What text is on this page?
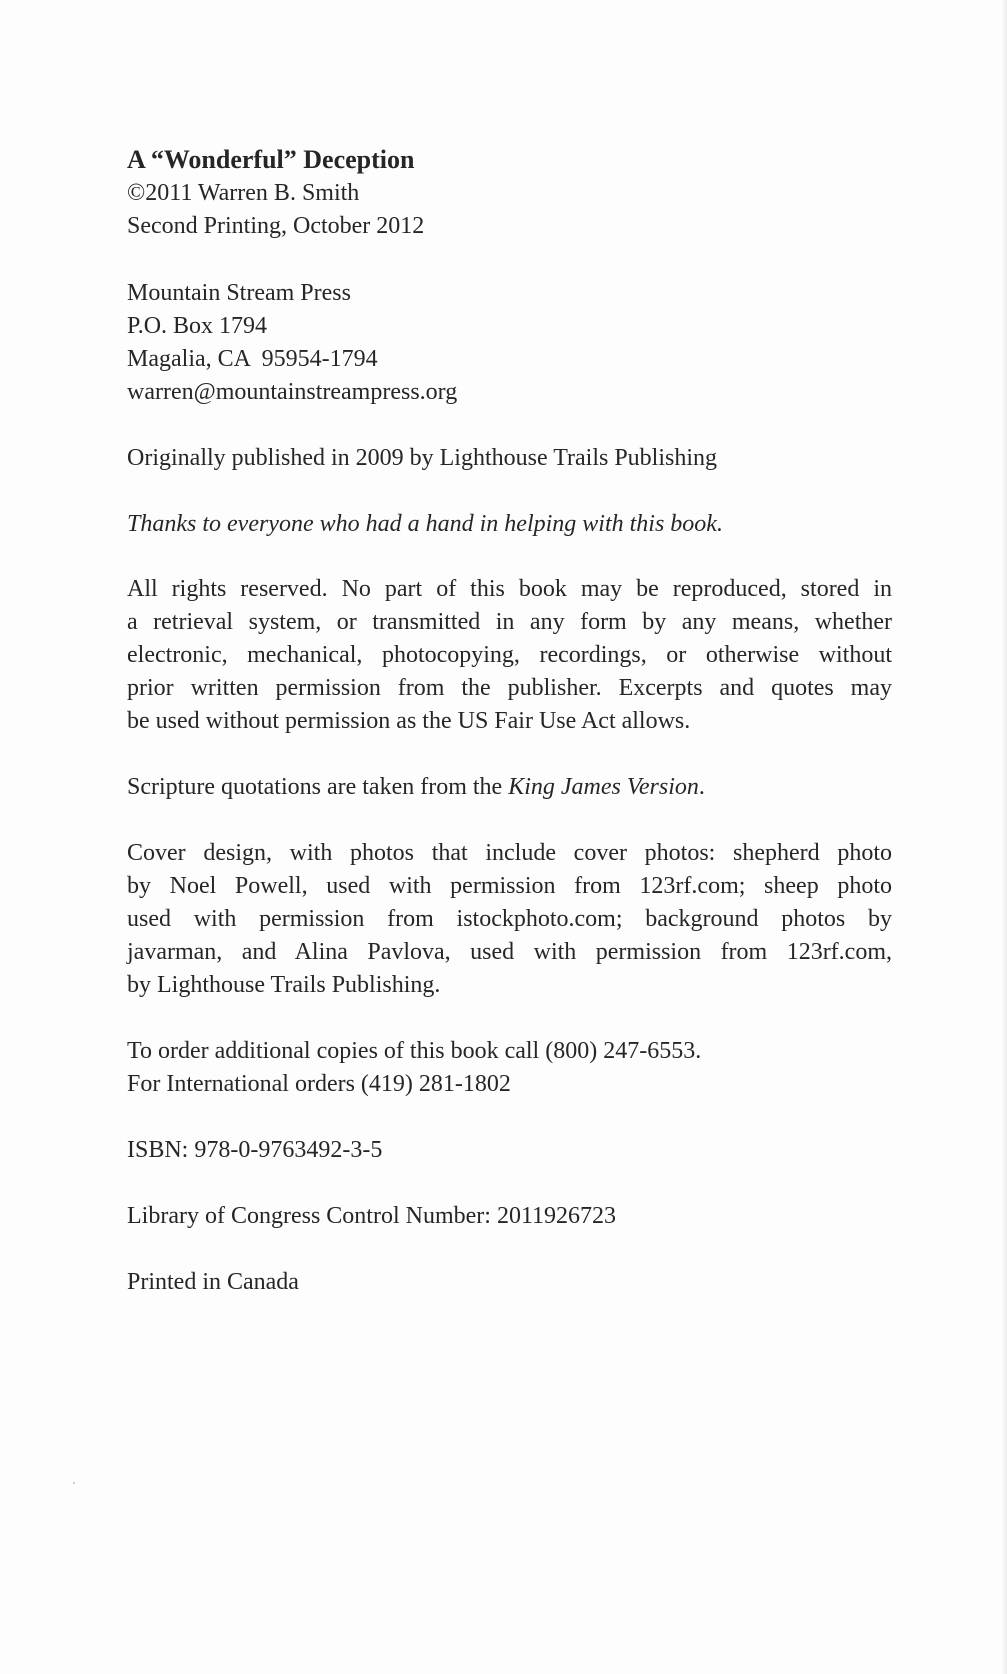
A “Wonderful” Deception
©2011 Warren B. Smith
Second Printing, October 2012
Mountain Stream Press
P.O. Box 1794
Magalia, CA  95954-1794
warren@mountainstreampress.org
Originally published in 2009 by Lighthouse Trails Publishing
Thanks to everyone who had a hand in helping with this book.
All rights reserved. No part of this book may be reproduced, stored in
a retrieval system, or transmitted in any form by any means, whether
electronic, mechanical, photocopying, recordings, or otherwise without
prior written permission from the publisher. Excerpts and quotes may
be used without permission as the US Fair Use Act allows.
Scripture quotations are taken from the King James Version.
Cover design, with photos that include cover photos: shepherd photo
by Noel Powell, used with permission from 123rf.com; sheep photo
used with permission from istockphoto.com; background photos by
javarman, and Alina Pavlova, used with permission from 123rf.com,
by Lighthouse Trails Publishing.
To order additional copies of this book call (800) 247-6553.
For International orders (419) 281-1802
ISBN: 978-0-9763492-3-5
Library of Congress Control Number: 2011926723
Printed in Canada
